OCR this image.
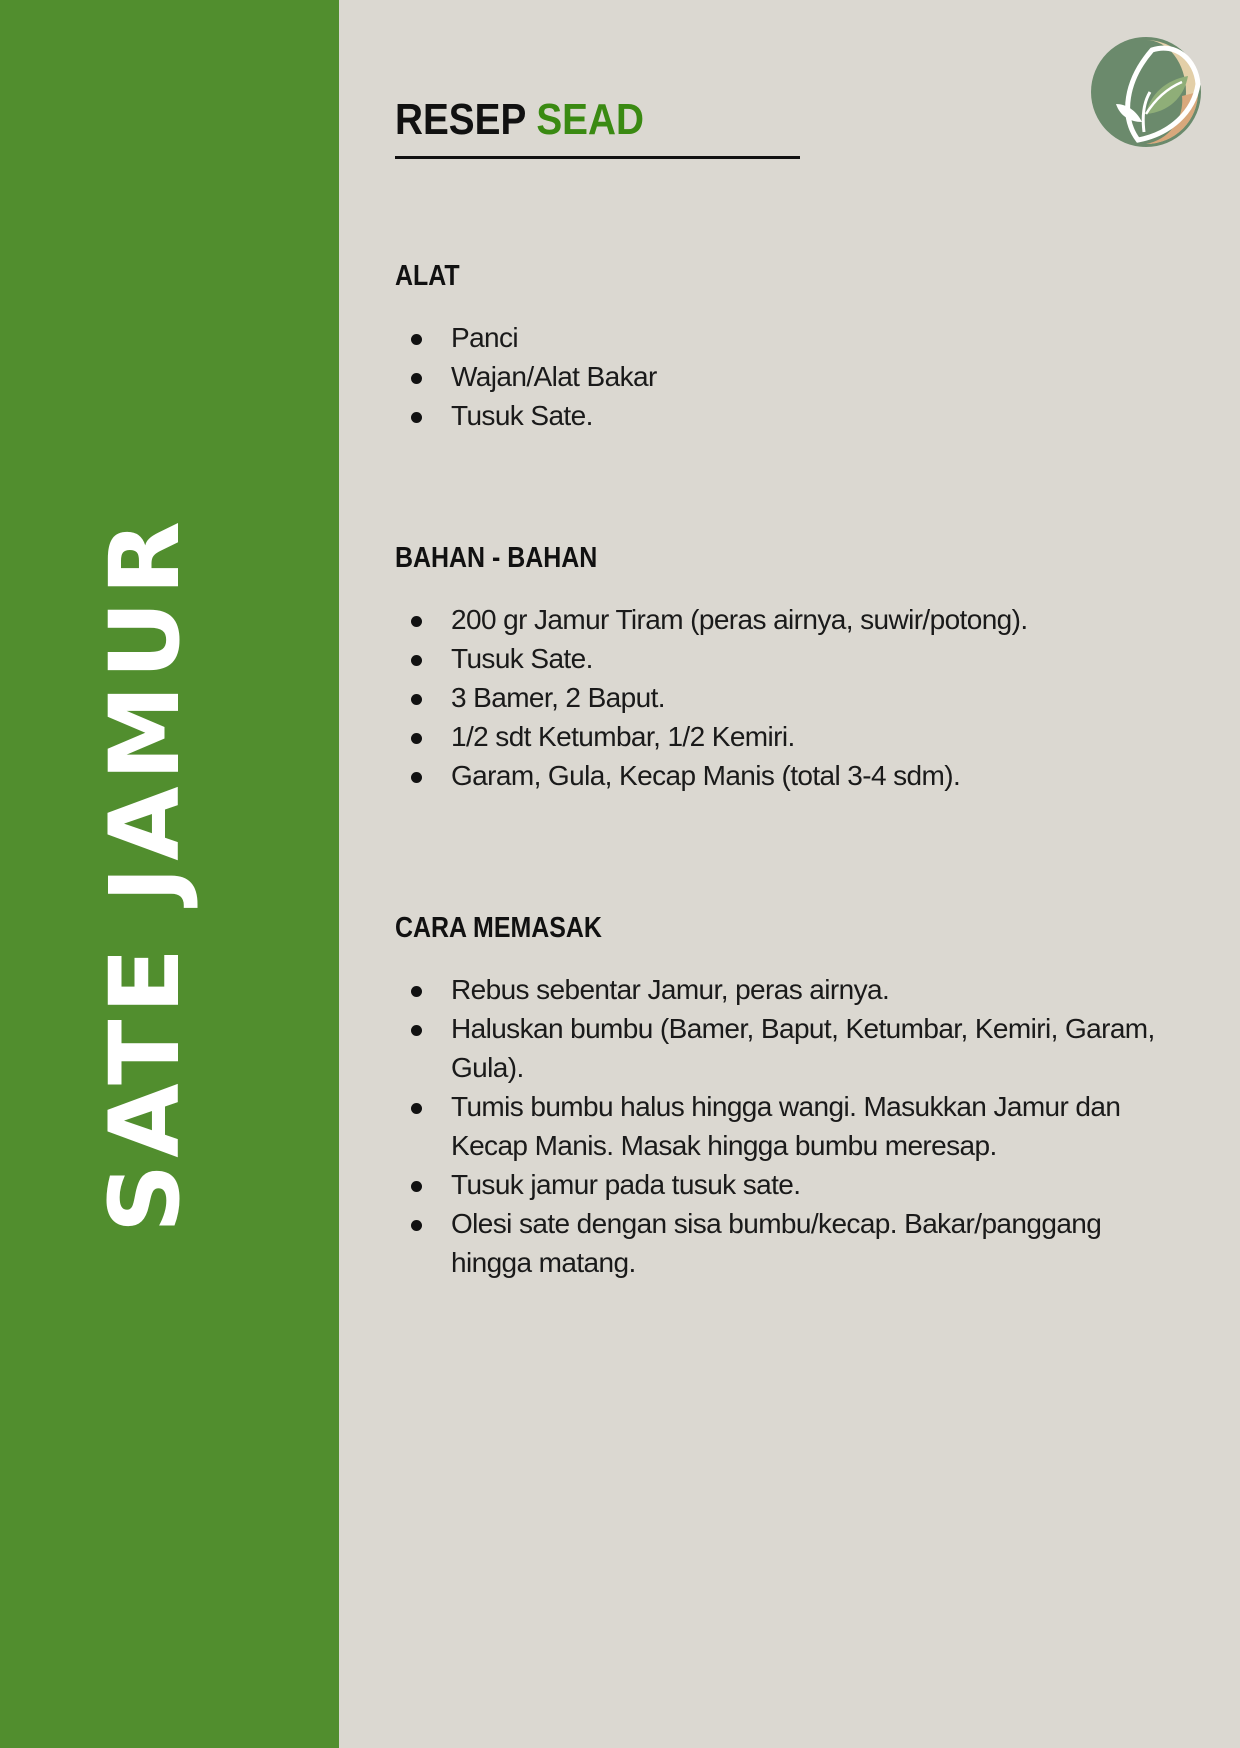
SATE JAMUR
RESEP SEAD
ALAT
Panci
Wajan/Alat Bakar
Tusuk Sate.
BAHAN - BAHAN
200 gr Jamur Tiram (peras airnya, suwir/potong).
Tusuk Sate.
3 Bamer, 2 Baput.
1/2 sdt Ketumbar, 1/2 Kemiri.
Garam, Gula, Kecap Manis (total 3-4 sdm).
CARA MEMASAK
Rebus sebentar Jamur, peras airnya.
Haluskan bumbu (Bamer, Baput, Ketumbar, Kemiri, Garam, Gula).
Tumis bumbu halus hingga wangi. Masukkan Jamur dan Kecap Manis. Masak hingga bumbu meresap.
Tusuk jamur pada tusuk sate.
Olesi sate dengan sisa bumbu/kecap. Bakar/panggang hingga matang.
